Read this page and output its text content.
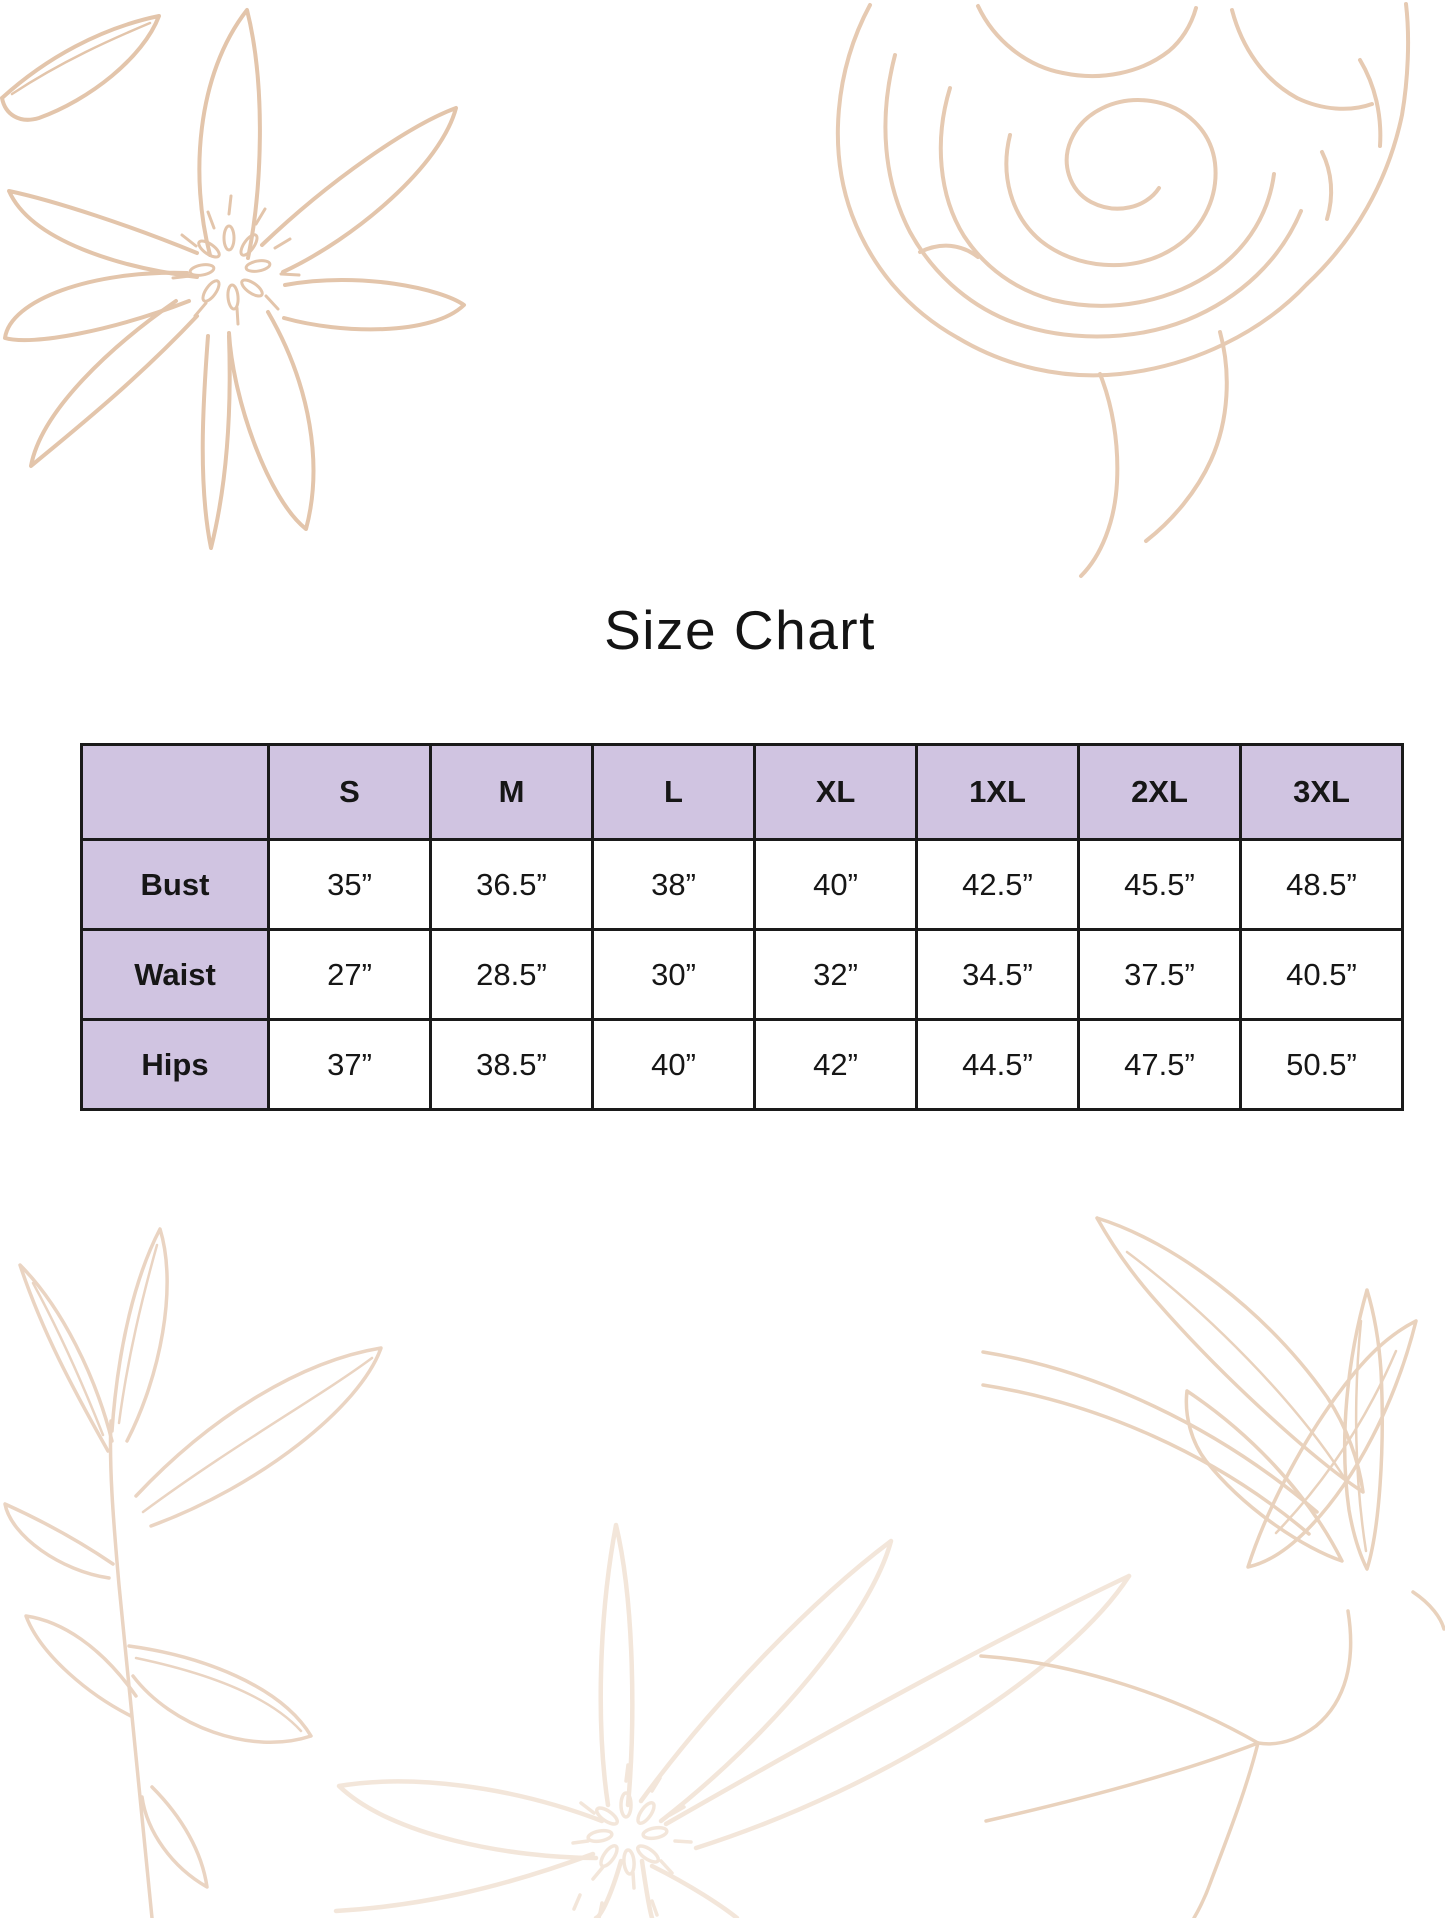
Size Chart
	S	M	L	XL	1XL	2XL	3XL
Bust	35”	36.5”	38”	40”	42.5”	45.5”	48.5”
Waist	27”	28.5”	30”	32”	34.5”	37.5”	40.5”
Hips	37”	38.5”	40”	42”	44.5”	47.5”	50.5”
